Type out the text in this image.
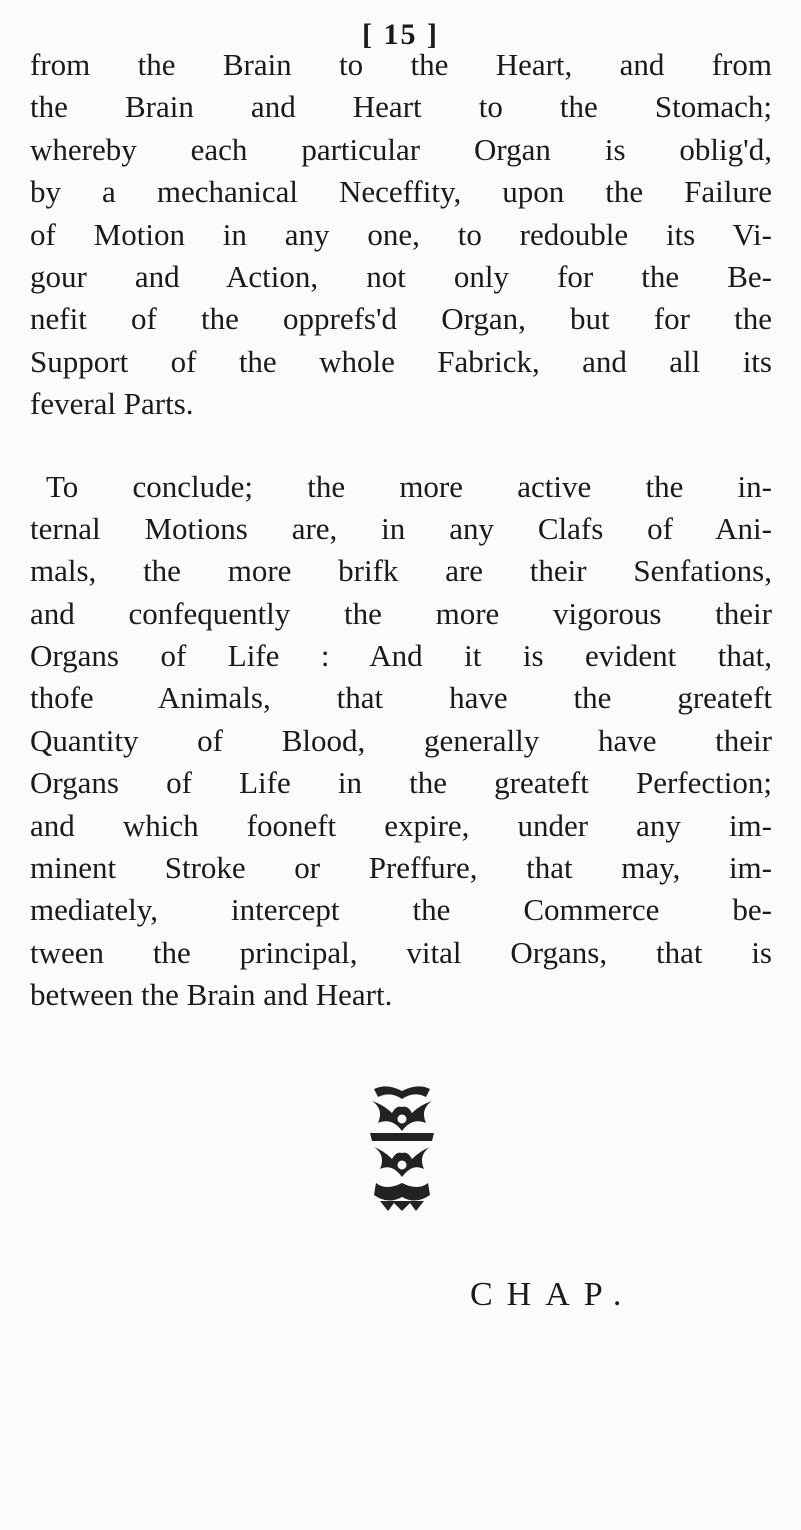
[ 15 ]
from the Brain to the Heart, and from
the Brain and Heart to the Stomach;
whereby each particular Organ is oblig'd,
by a mechanical Neceffity, upon the Failure
of Motion in any one, to redouble its Vi-
gour and Action, not only for the Be-
nefit of the opprefs'd Organ, but for the
Support of the whole Fabrick, and all its
feveral Parts.
To conclude; the more active the in-
ternal Motions are, in any Clafs of Ani-
mals, the more brifk are their Senfations,
and confequently the more vigorous their
Organs of Life : And it is evident that,
thofe Animals, that have the greateft
Quantity of Blood, generally have their
Organs of Life in the greateft Perfection;
and which fooneft expire, under any im-
minent Stroke or Preffure, that may, im-
mediately, intercept the Commerce be-
tween the principal, vital Organs, that is
between the Brain and Heart.
CHAP.
